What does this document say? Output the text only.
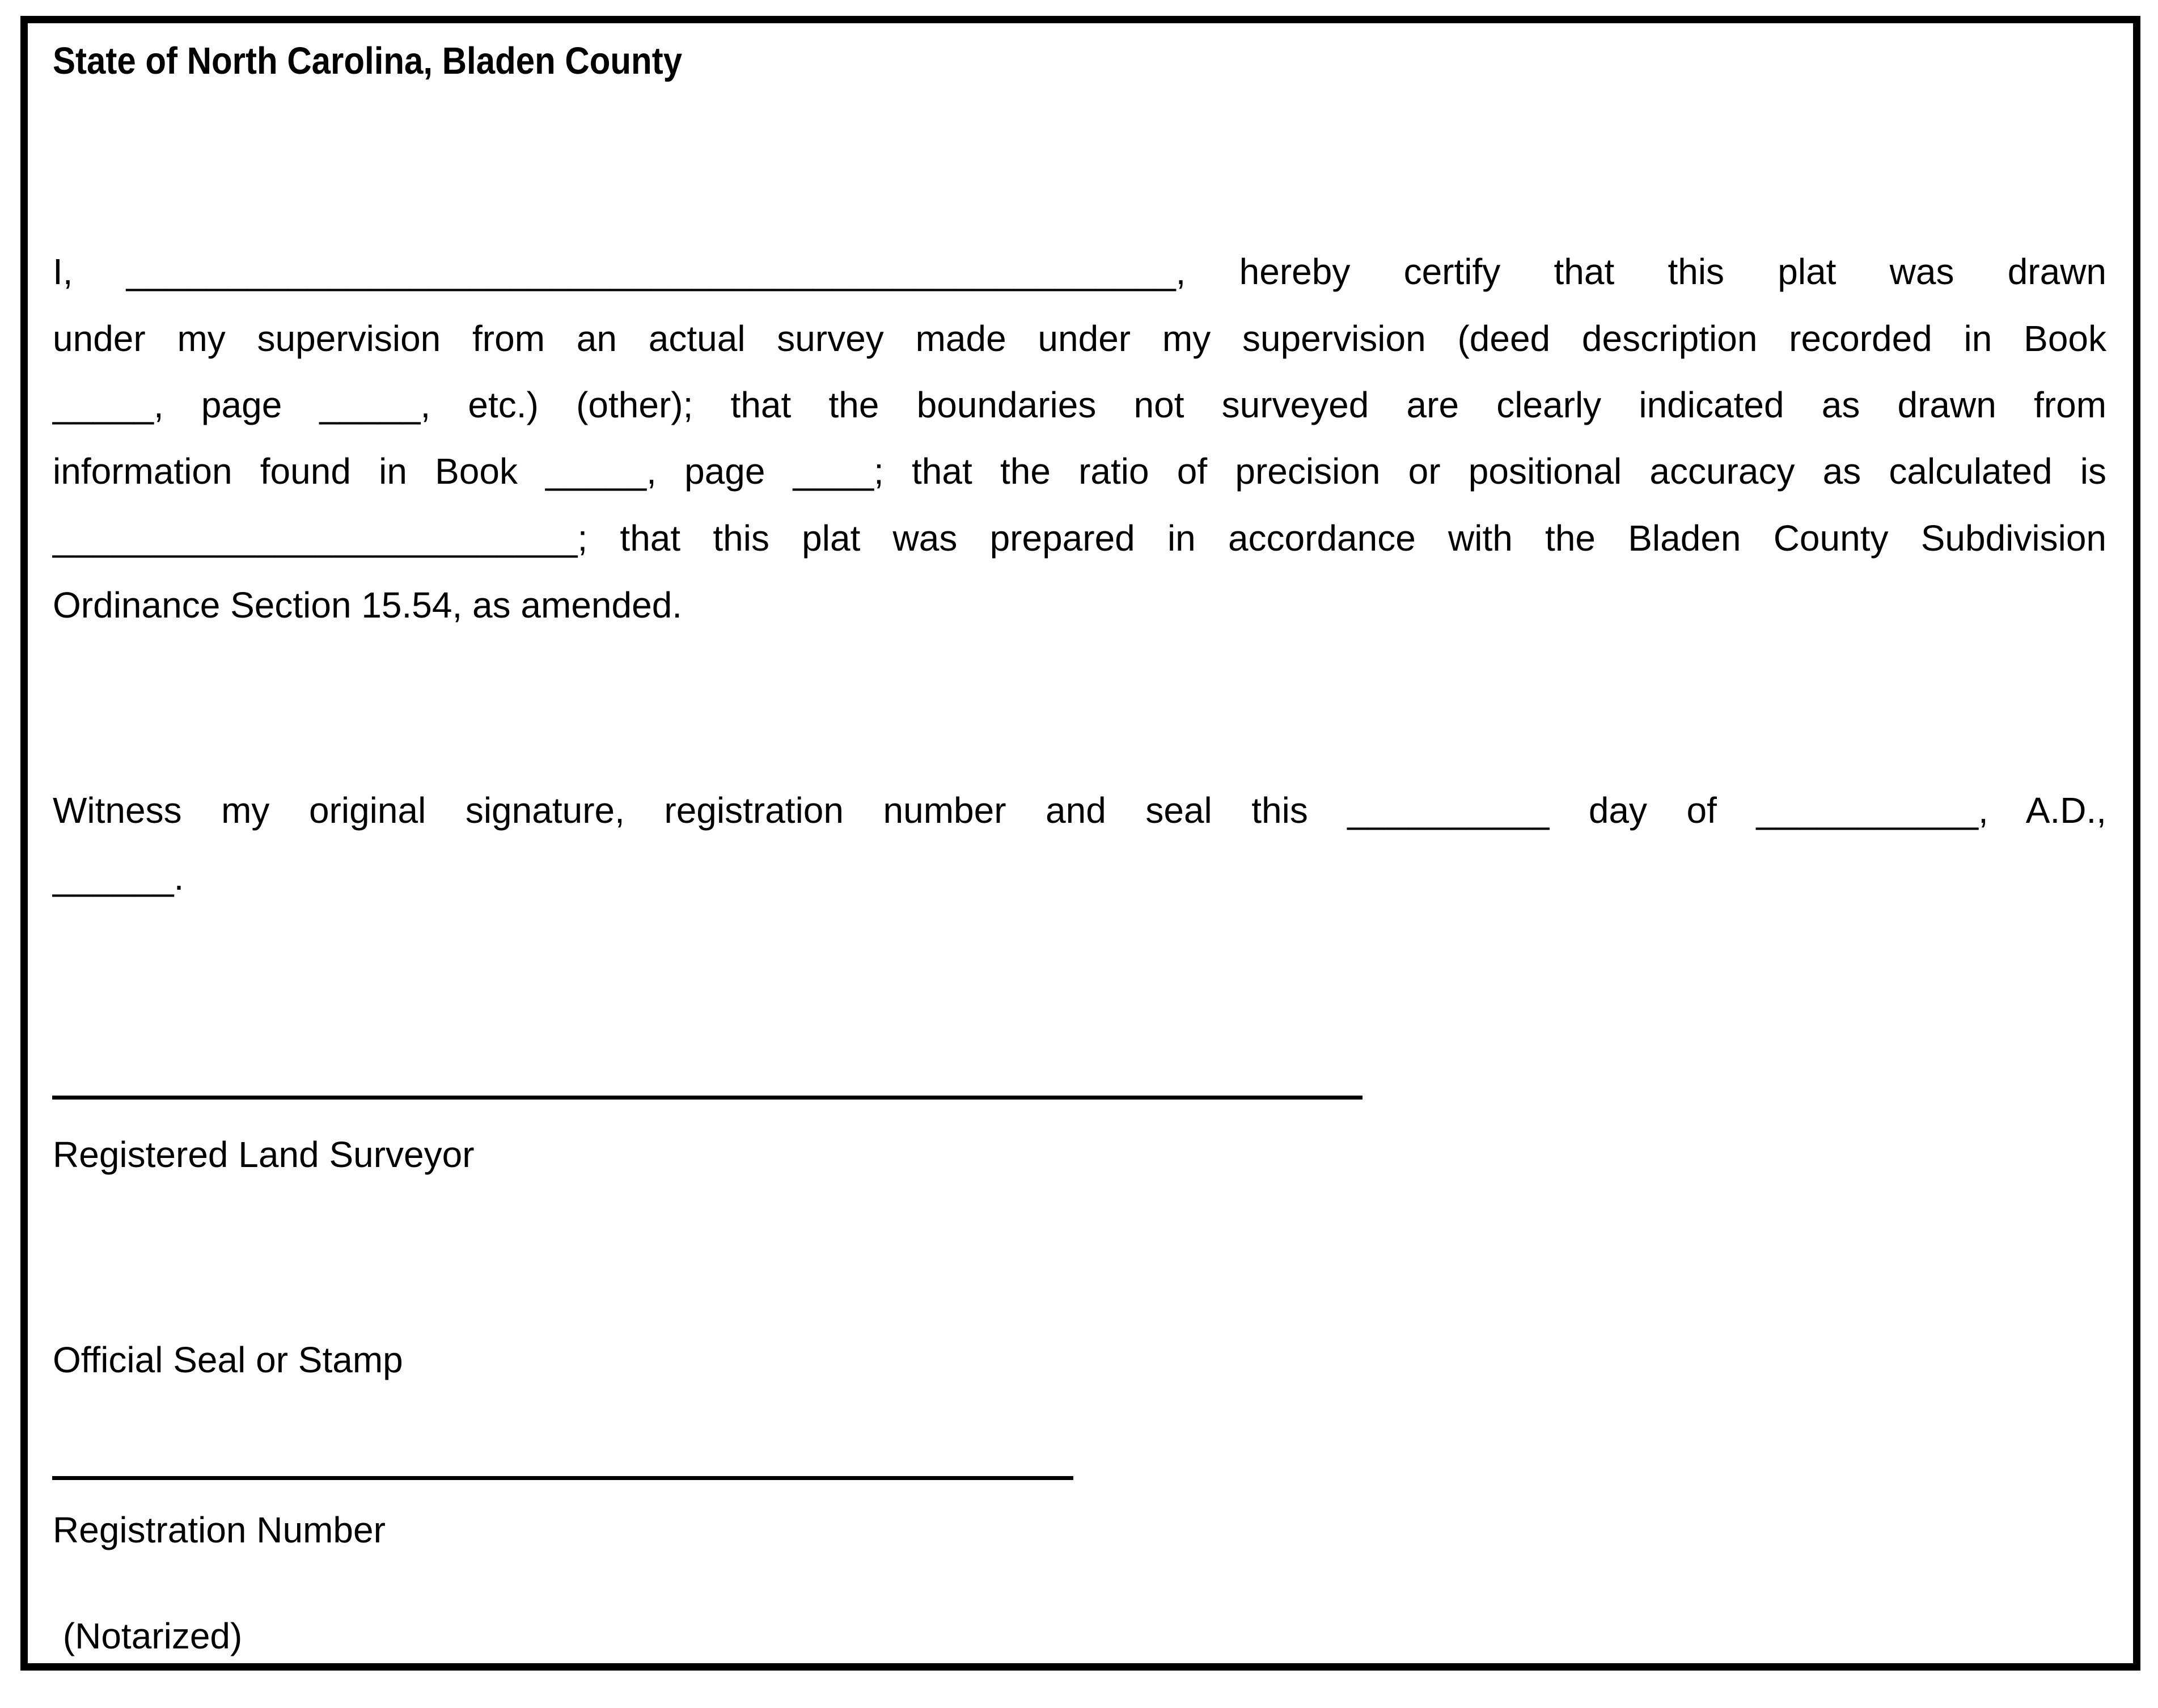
State of North Carolina, Bladen County
I, ____________________________________________________, hereby certify that this plat was drawn
under my supervision from an actual survey made under my supervision (deed description recorded in Book
_____, page _____, etc.) (other); that the boundaries not surveyed are clearly indicated as drawn from
information found in Book _____, page ____; that the ratio of precision or positional accuracy as calculated is
__________________________; that this plat was prepared in accordance with the Bladen County Subdivision
Ordinance Section 15.54, as amended.
Witness my original signature, registration number and seal this __________ day of ___________, A.D.,
______.
Registered Land Surveyor
Official Seal or Stamp
Registration Number
(Notarized)
